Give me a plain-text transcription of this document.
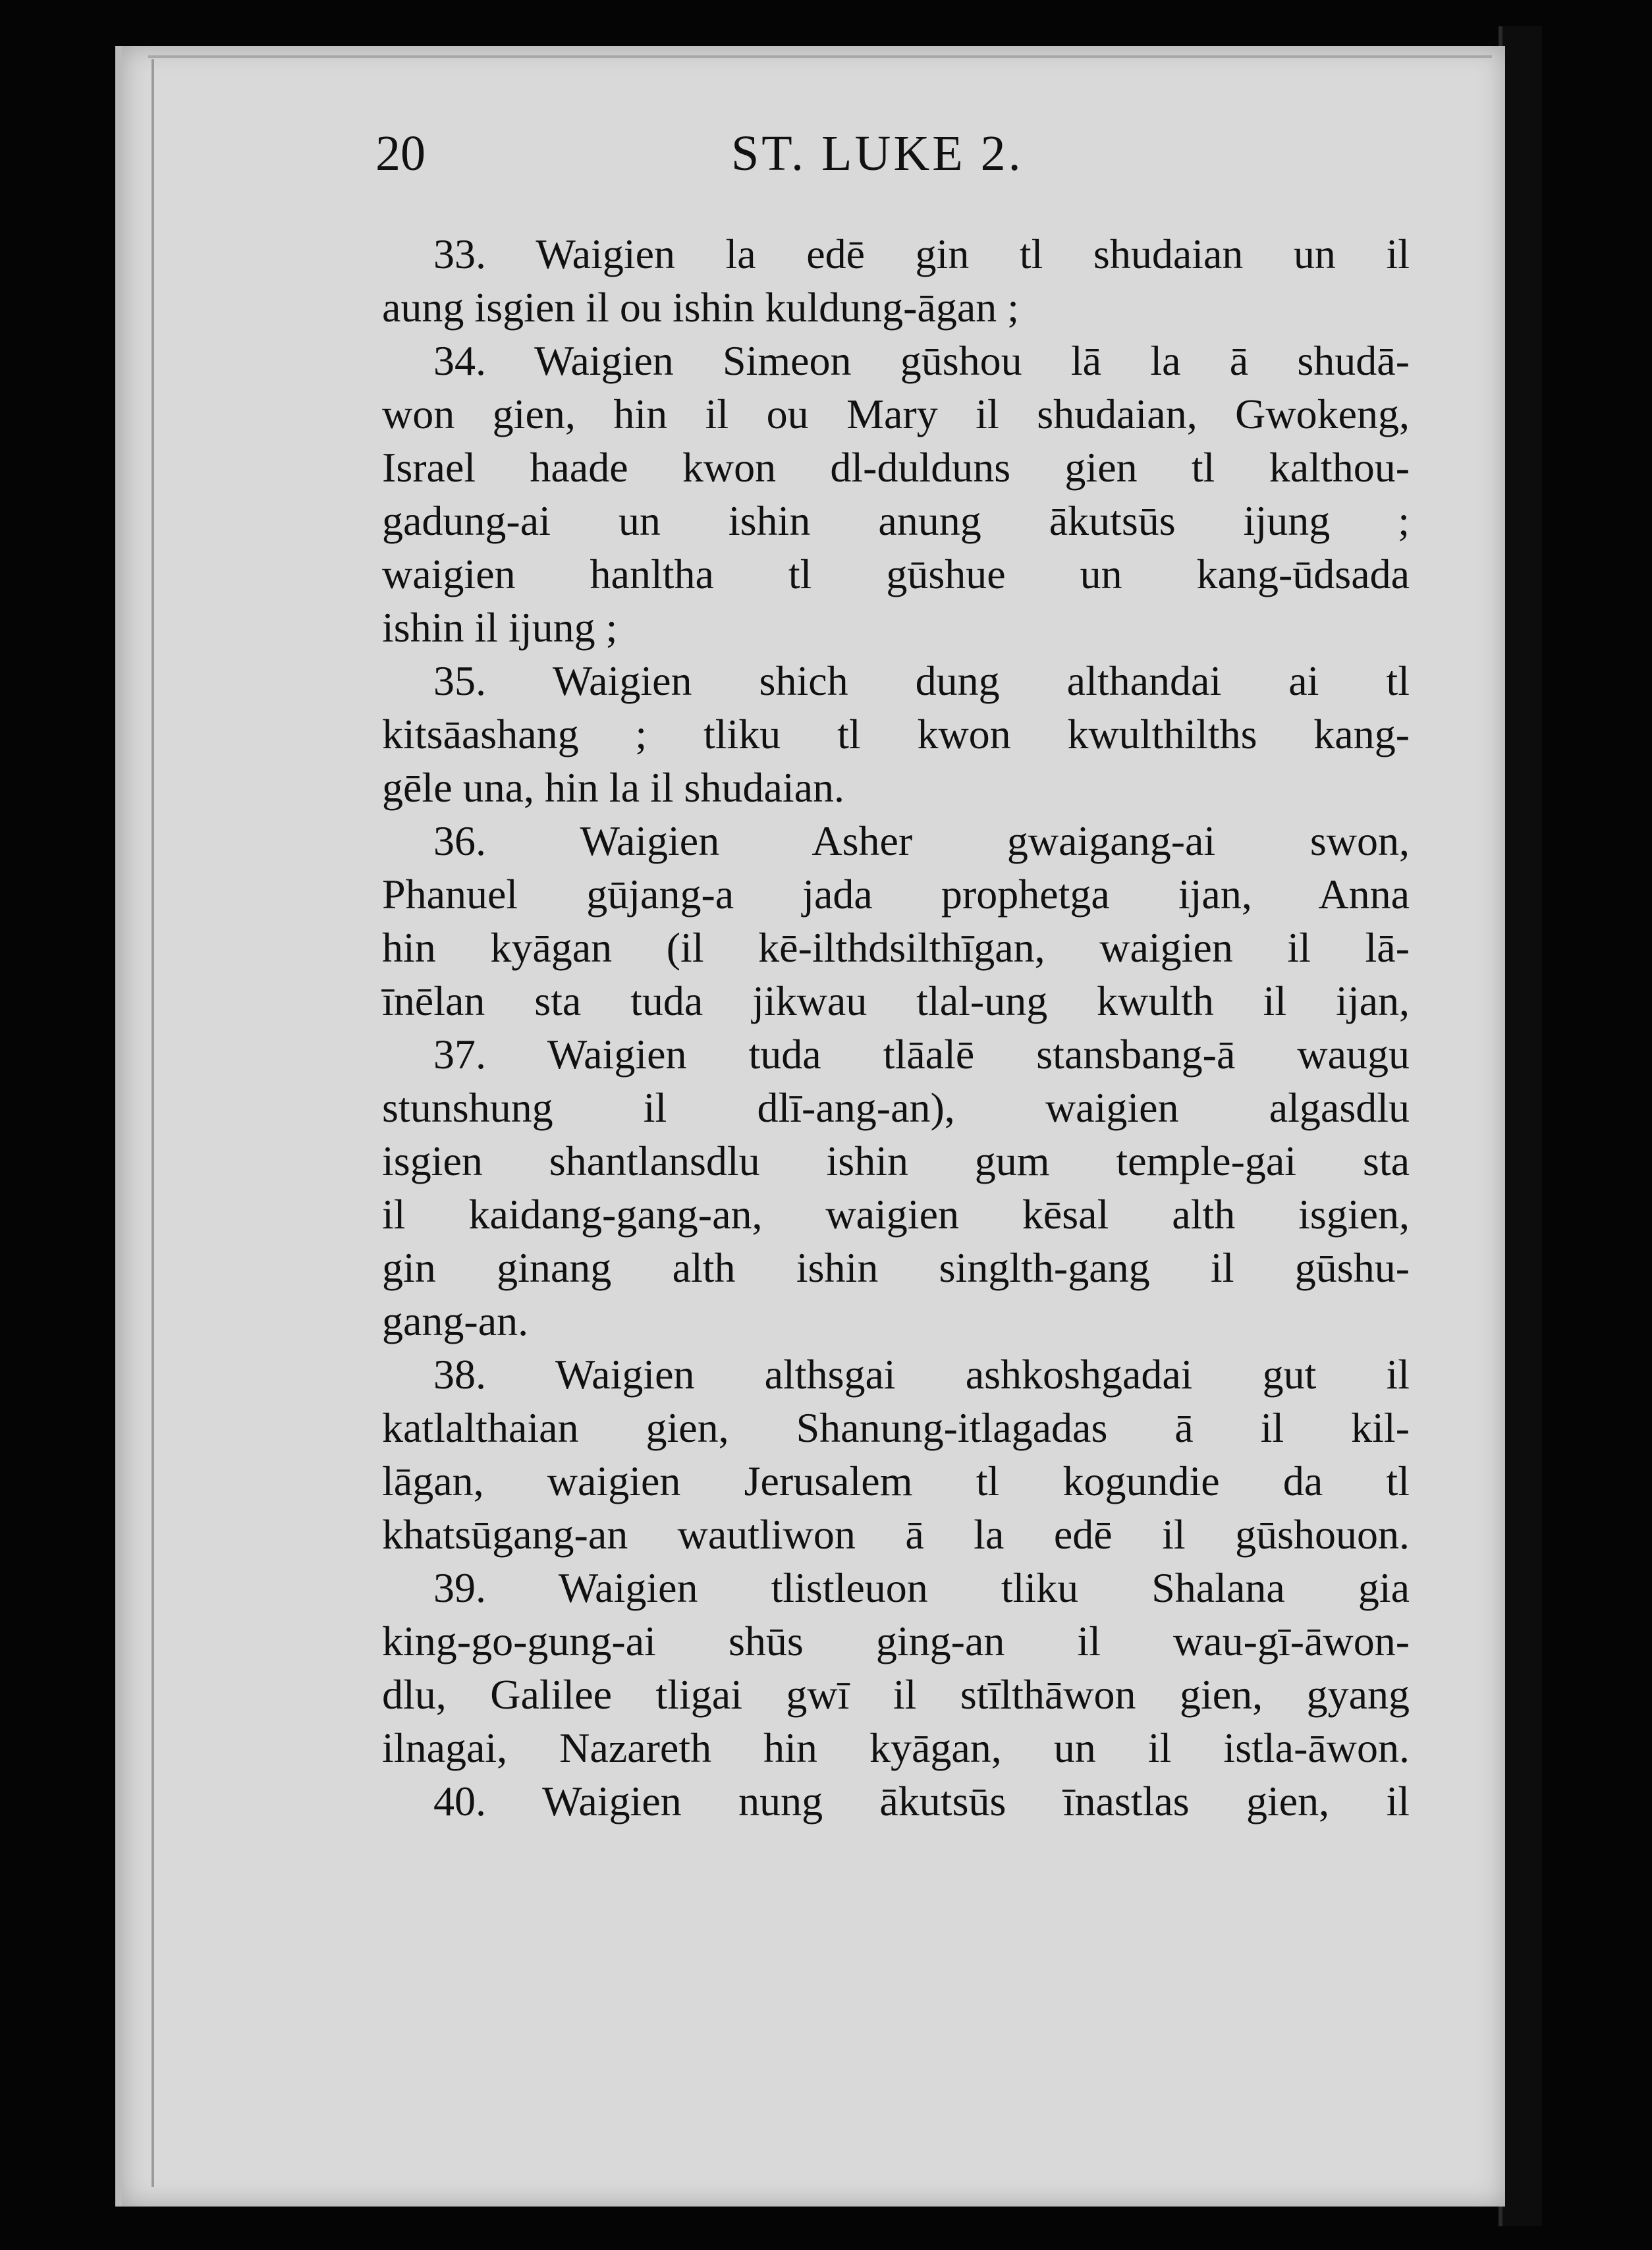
20	ST. LUKE 2.
33. Waigien la edē gin tl shudaian un il
aung isgien il ou ishin kuldung-āgan ;
34. Waigien Simeon gūshou lā la ā shudā-
won gien, hin il ou Mary il shudaian, Gwokeng,
Israel haade kwon dl-dulduns gien tl kalthou-
gadung-ai un ishin anung ākutsūs ijung ;
waigien hanltha tl gūshue un kang-ūdsada
ishin il ijung ;
35. Waigien shich dung althandai ai tl
kitsāashang ; tliku tl kwon kwulthilths kang-
gēle una, hin la il shudaian.
36. Waigien Asher gwaigang-ai swon,
Phanuel gūjang-a jada prophetga ijan, Anna
hin kyāgan (il kē-ilthdsilthīgan, waigien il lā-
īnēlan sta tuda jikwau tlal-ung kwulth il ijan,
37. Waigien tuda tlāalē stansbang-ā waugu
stunshung il dlī-ang-an), waigien algasdlu
isgien shantlansdlu ishin gum temple-gai sta
il kaidang-gang-an, waigien kēsal alth isgien,
gin ginang alth ishin singlth-gang il gūshu-
gang-an.
38. Waigien althsgai ashkoshgadai gut il
katlalthaian gien, Shanung-itlagadas ā il kil-
lāgan, waigien Jerusalem tl kogundie da tl
khatsūgang-an wautliwon ā la edē il gūshouon.
39. Waigien tlistleuon tliku Shalana gia
king-go-gung-ai shūs ging-an il wau-gī-āwon-
dlu, Galilee tligai gwī il stīlthāwon gien, gyang
ilnagai, Nazareth hin kyāgan, un il istla-āwon.
40. Waigien nung ākutsūs īnastlas gien, il
